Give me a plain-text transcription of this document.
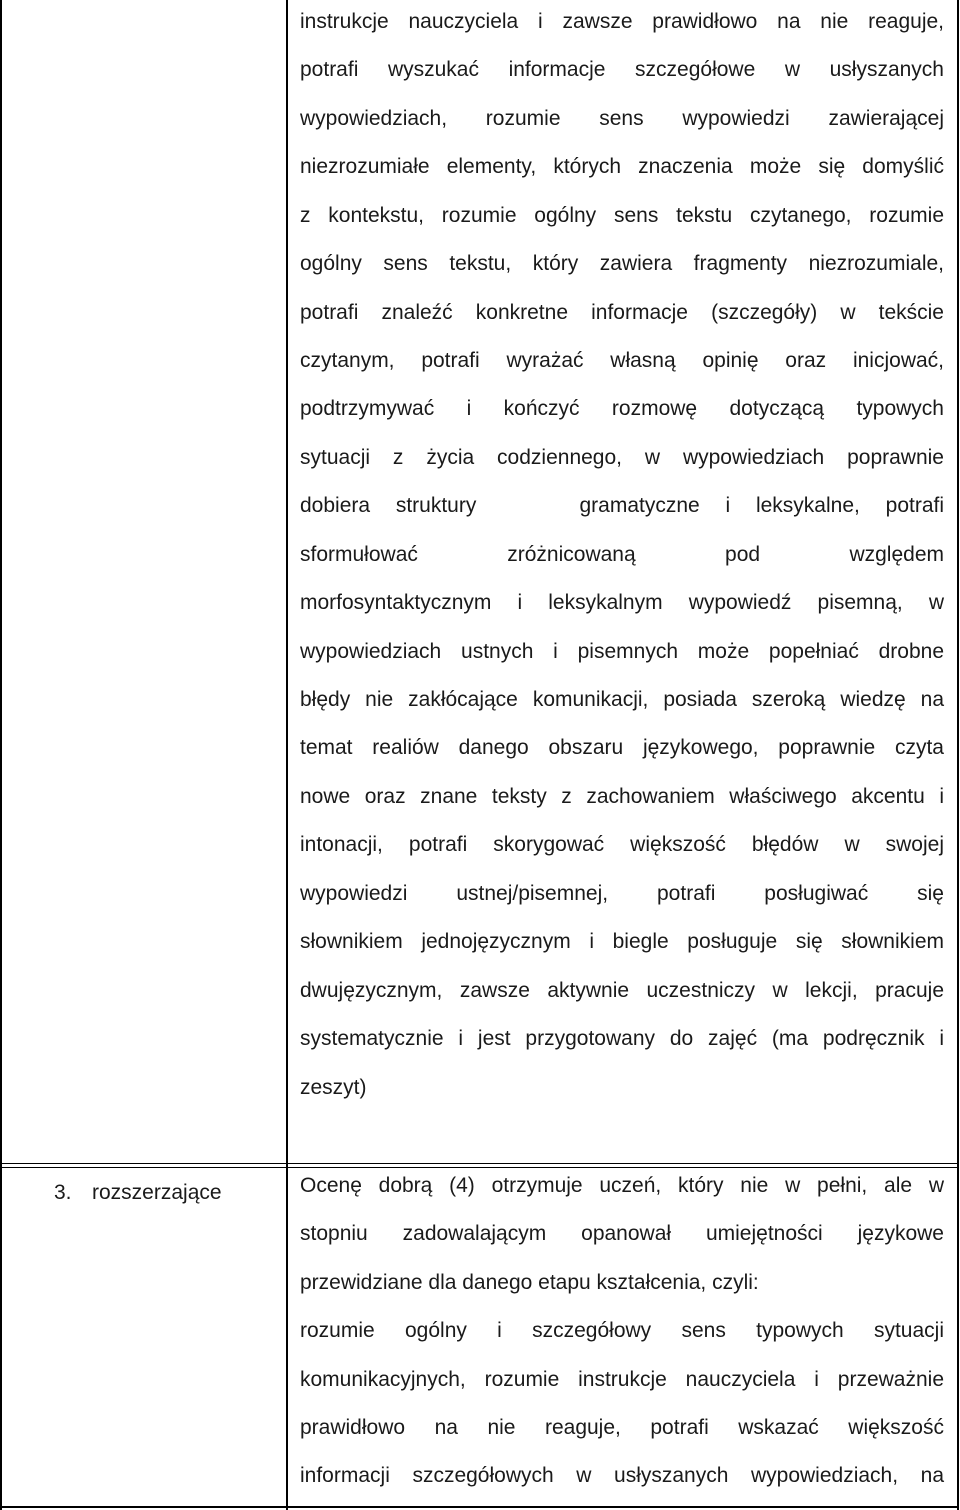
instrukcje nauczyciela i zawsze prawidłowo na nie reaguje,
potrafi wyszukać informacje szczegółowe w usłyszanych
wypowiedziach, rozumie sens wypowiedzi zawierającej
niezrozumiałe elementy, których znaczenia może się domyślić
z kontekstu, rozumie ogólny sens tekstu czytanego, rozumie
ogólny sens tekstu, który zawiera fragmenty niezrozumiale,
potrafi znaleźć konkretne informacje (szczegóły) w tekście
czytanym, potrafi wyrażać własną opinię oraz inicjować,
podtrzymywać i kończyć rozmowę dotyczącą typowych
sytuacji z życia codziennego, w wypowiedziach poprawnie
dobiera struktury    gramatyczne i leksykalne, potrafi
sformułować zróżnicowaną pod względem
morfosyntaktycznym i leksykalnym wypowiedź pisemną, w
wypowiedziach ustnych i pisemnych może popełniać drobne
błędy nie zakłócające komunikacji, posiada szeroką wiedzę na
temat realiów danego obszaru językowego, poprawnie czyta
nowe oraz znane teksty z zachowaniem właściwego akcentu i
intonacji, potrafi skorygować większość błędów w swojej
wypowiedzi ustnej/pisemnej, potrafi posługiwać się
słownikiem jednojęzycznym i biegle posługuje się słownikiem
dwujęzycznym, zawsze aktywnie uczestniczy w lekcji, pracuje
systematycznie i jest przygotowany do zajęć (ma podręcznik i
zeszyt)
3. rozszerzające	Ocenę dobrą (4) otrzymuje uczeń, który nie w pełni, ale w
stopniu zadowalającym opanował umiejętności językowe
przewidziane dla danego etapu kształcenia, czyli:
rozumie ogólny i szczegółowy sens typowych sytuacji
komunikacyjnych, rozumie instrukcje nauczyciela i przeważnie
prawidłowo na nie reaguje, potrafi wskazać większość
informacji szczegółowych w usłyszanych wypowiedziach, na
